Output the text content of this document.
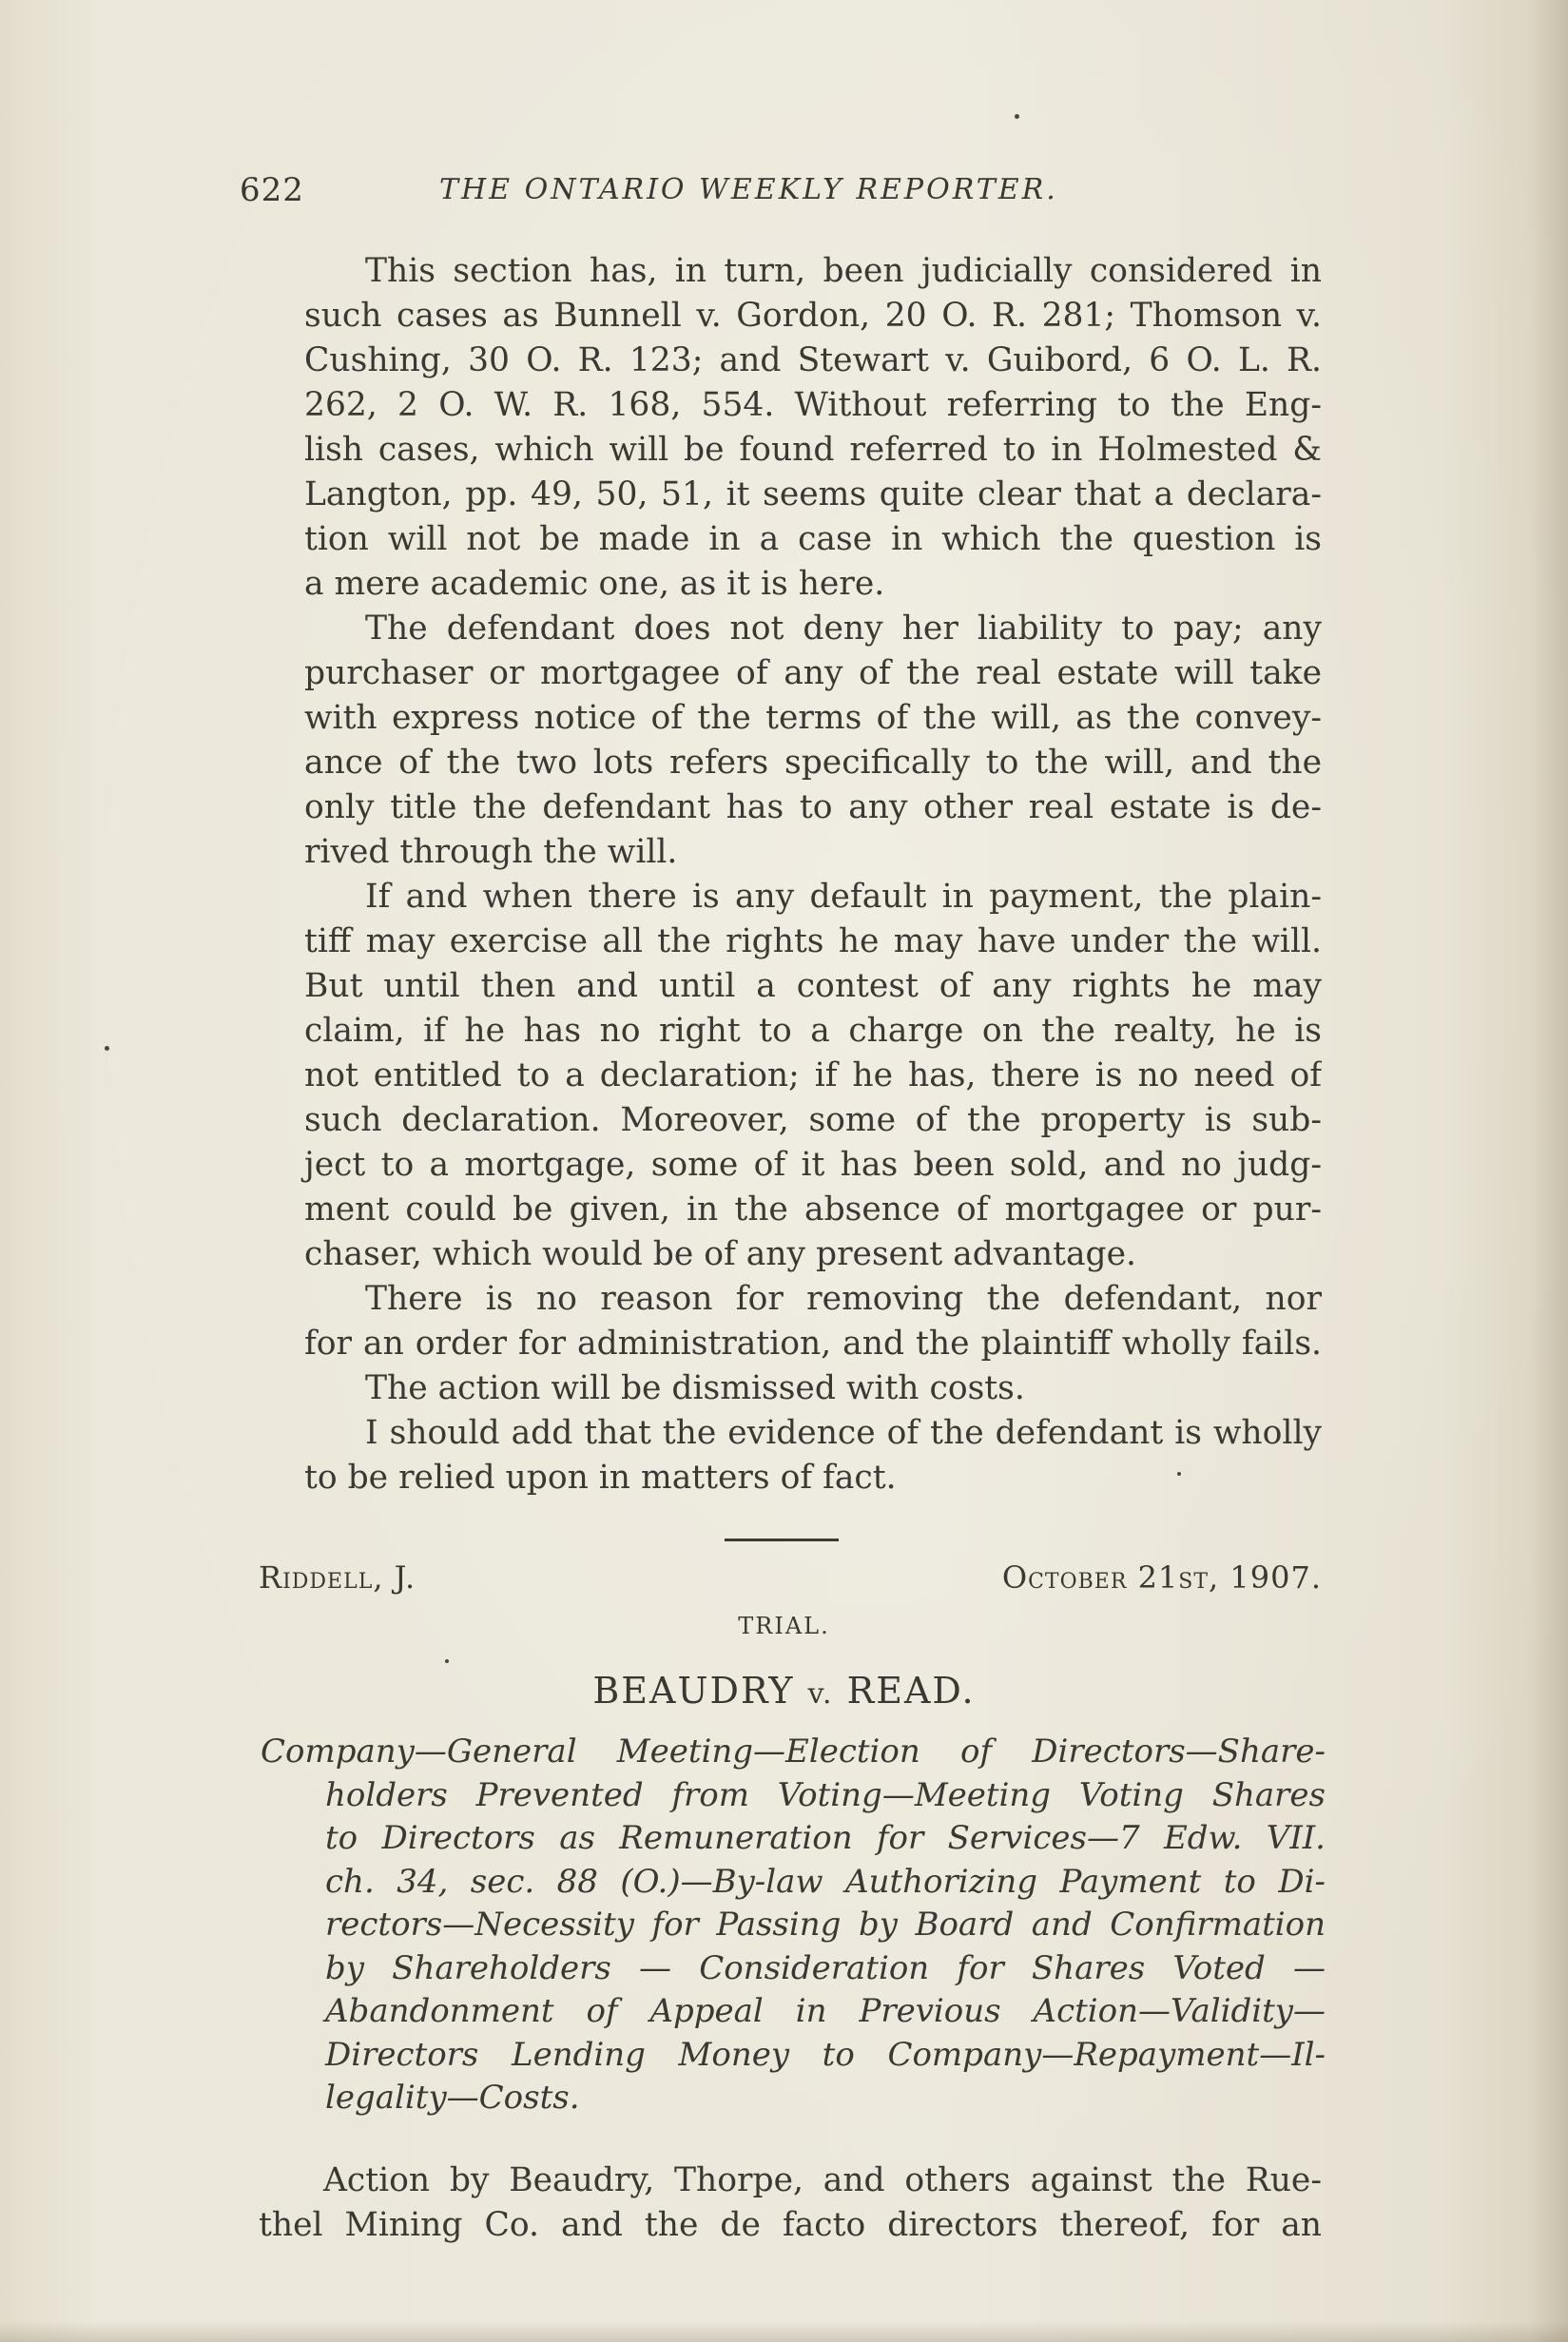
622	THE ONTARIO WEEKLY REPORTER.
This section has, in turn, been judicially considered in
such cases as Bunnell v. Gordon, 20 O. R. 281; Thomson v.
Cushing, 30 O. R. 123; and Stewart v. Guibord, 6 O. L. R.
262, 2 O. W. R. 168, 554. Without referring to the Eng-
lish cases, which will be found referred to in Holmested &
Langton, pp. 49, 50, 51, it seems quite clear that a declara-
tion will not be made in a case in which the question is
a mere academic one, as it is here.
The defendant does not deny her liability to pay; any
purchaser or mortgagee of any of the real estate will take
with express notice of the terms of the will, as the convey-
ance of the two lots refers specifically to the will, and the
only title the defendant has to any other real estate is de-
rived through the will.
If and when there is any default in payment, the plain-
tiff may exercise all the rights he may have under the will.
But until then and until a contest of any rights he may
claim, if he has no right to a charge on the realty, he is
not entitled to a declaration; if he has, there is no need of
such declaration. Moreover, some of the property is sub-
ject to a mortgage, some of it has been sold, and no judg-
ment could be given, in the absence of mortgagee or pur-
chaser, which would be of any present advantage.
There is no reason for removing the defendant, nor
for an order for administration, and the plaintiff wholly fails.
The action will be dismissed with costs.
I should add that the evidence of the defendant is wholly
to be relied upon in matters of fact.
Riddell, J.	October 21st, 1907.
TRIAL.
BEAUDRY v. READ.
Company—General Meeting—Election of Directors—Share-
holders Prevented from Voting—Meeting Voting Shares
to Directors as Remuneration for Services—7 Edw. VII.
ch. 34, sec. 88 (O.)—By-law Authorizing Payment to Di-
rectors—Necessity for Passing by Board and Confirmation
by Shareholders — Consideration for Shares Voted —
Abandonment of Appeal in Previous Action—Validity—
Directors Lending Money to Company—Repayment—Il-
legality—Costs.
Action by Beaudry, Thorpe, and others against the Rue-
thel Mining Co. and the de facto directors thereof, for an
